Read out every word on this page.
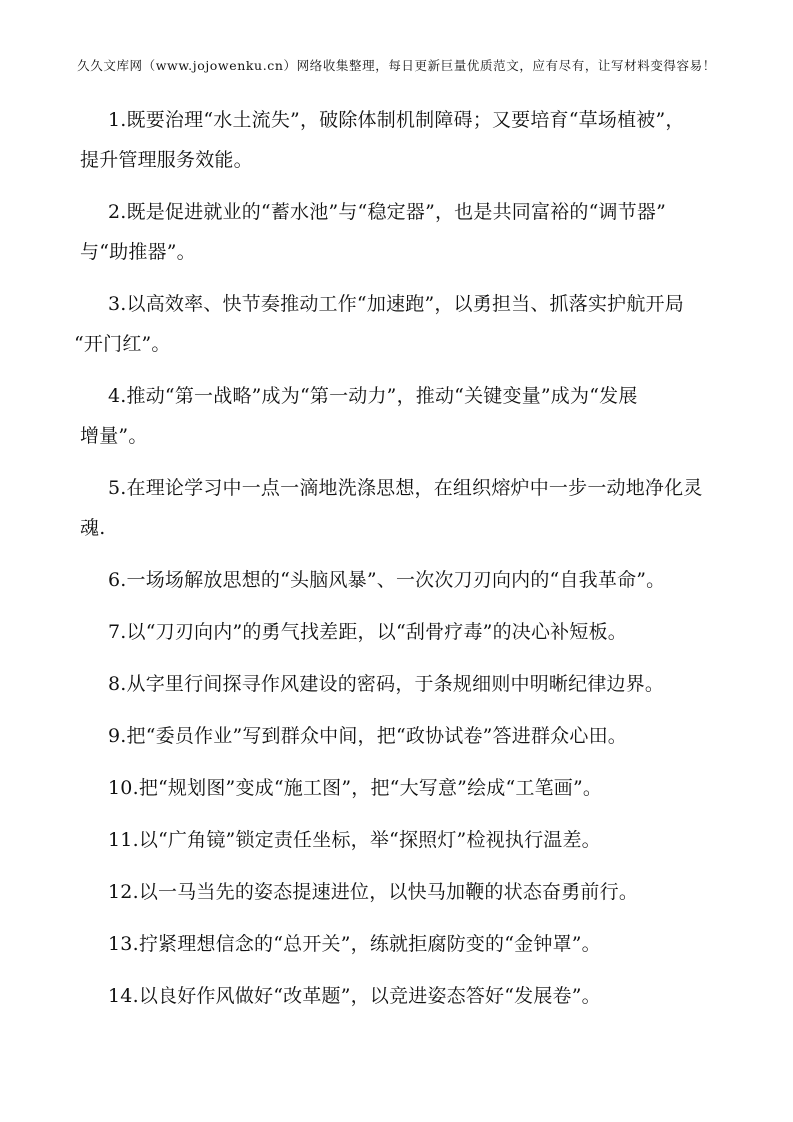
久久文库网（www.jojowenku.cn）网络收集整理，每日更新巨量优质范文，应有尽有，让写材料变得容易！

1.既要治理“水土流失”，破除体制机制障碍；又要培育“草场植被”，
提升管理服务效能。

2.既是促进就业的“蓄水池”与“稳定器”，也是共同富裕的“调节器”
与“助推器”。

3.以高效率、快节奏推动工作“加速跑”，以勇担当、抓落实护航开局
“开门红”。

4.推动“第一战略”成为“第一动力”，推动“关键变量”成为“发展
增量”。

5.在理论学习中一点一滴地洗涤思想，在组织熔炉中一步一动地净化灵
魂.

6.一场场解放思想的“头脑风暴”、一次次刀刃向内的“自我革命”。

7.以“刀刃向内”的勇气找差距，以“刮骨疗毒”的决心补短板。

8.从字里行间探寻作风建设的密码，于条规细则中明晰纪律边界。

9.把“委员作业”写到群众中间，把“政协试卷”答进群众心田。

10.把“规划图”变成“施工图”，把“大写意”绘成“工笔画”。

11.以“广角镜”锁定责任坐标，举“探照灯”检视执行温差。

12.以一马当先的姿态提速进位，以快马加鞭的状态奋勇前行。

13.拧紧理想信念的“总开关”，练就拒腐防变的“金钟罩”。

14.以良好作风做好“改革题”，以竞进姿态答好“发展卷”。
